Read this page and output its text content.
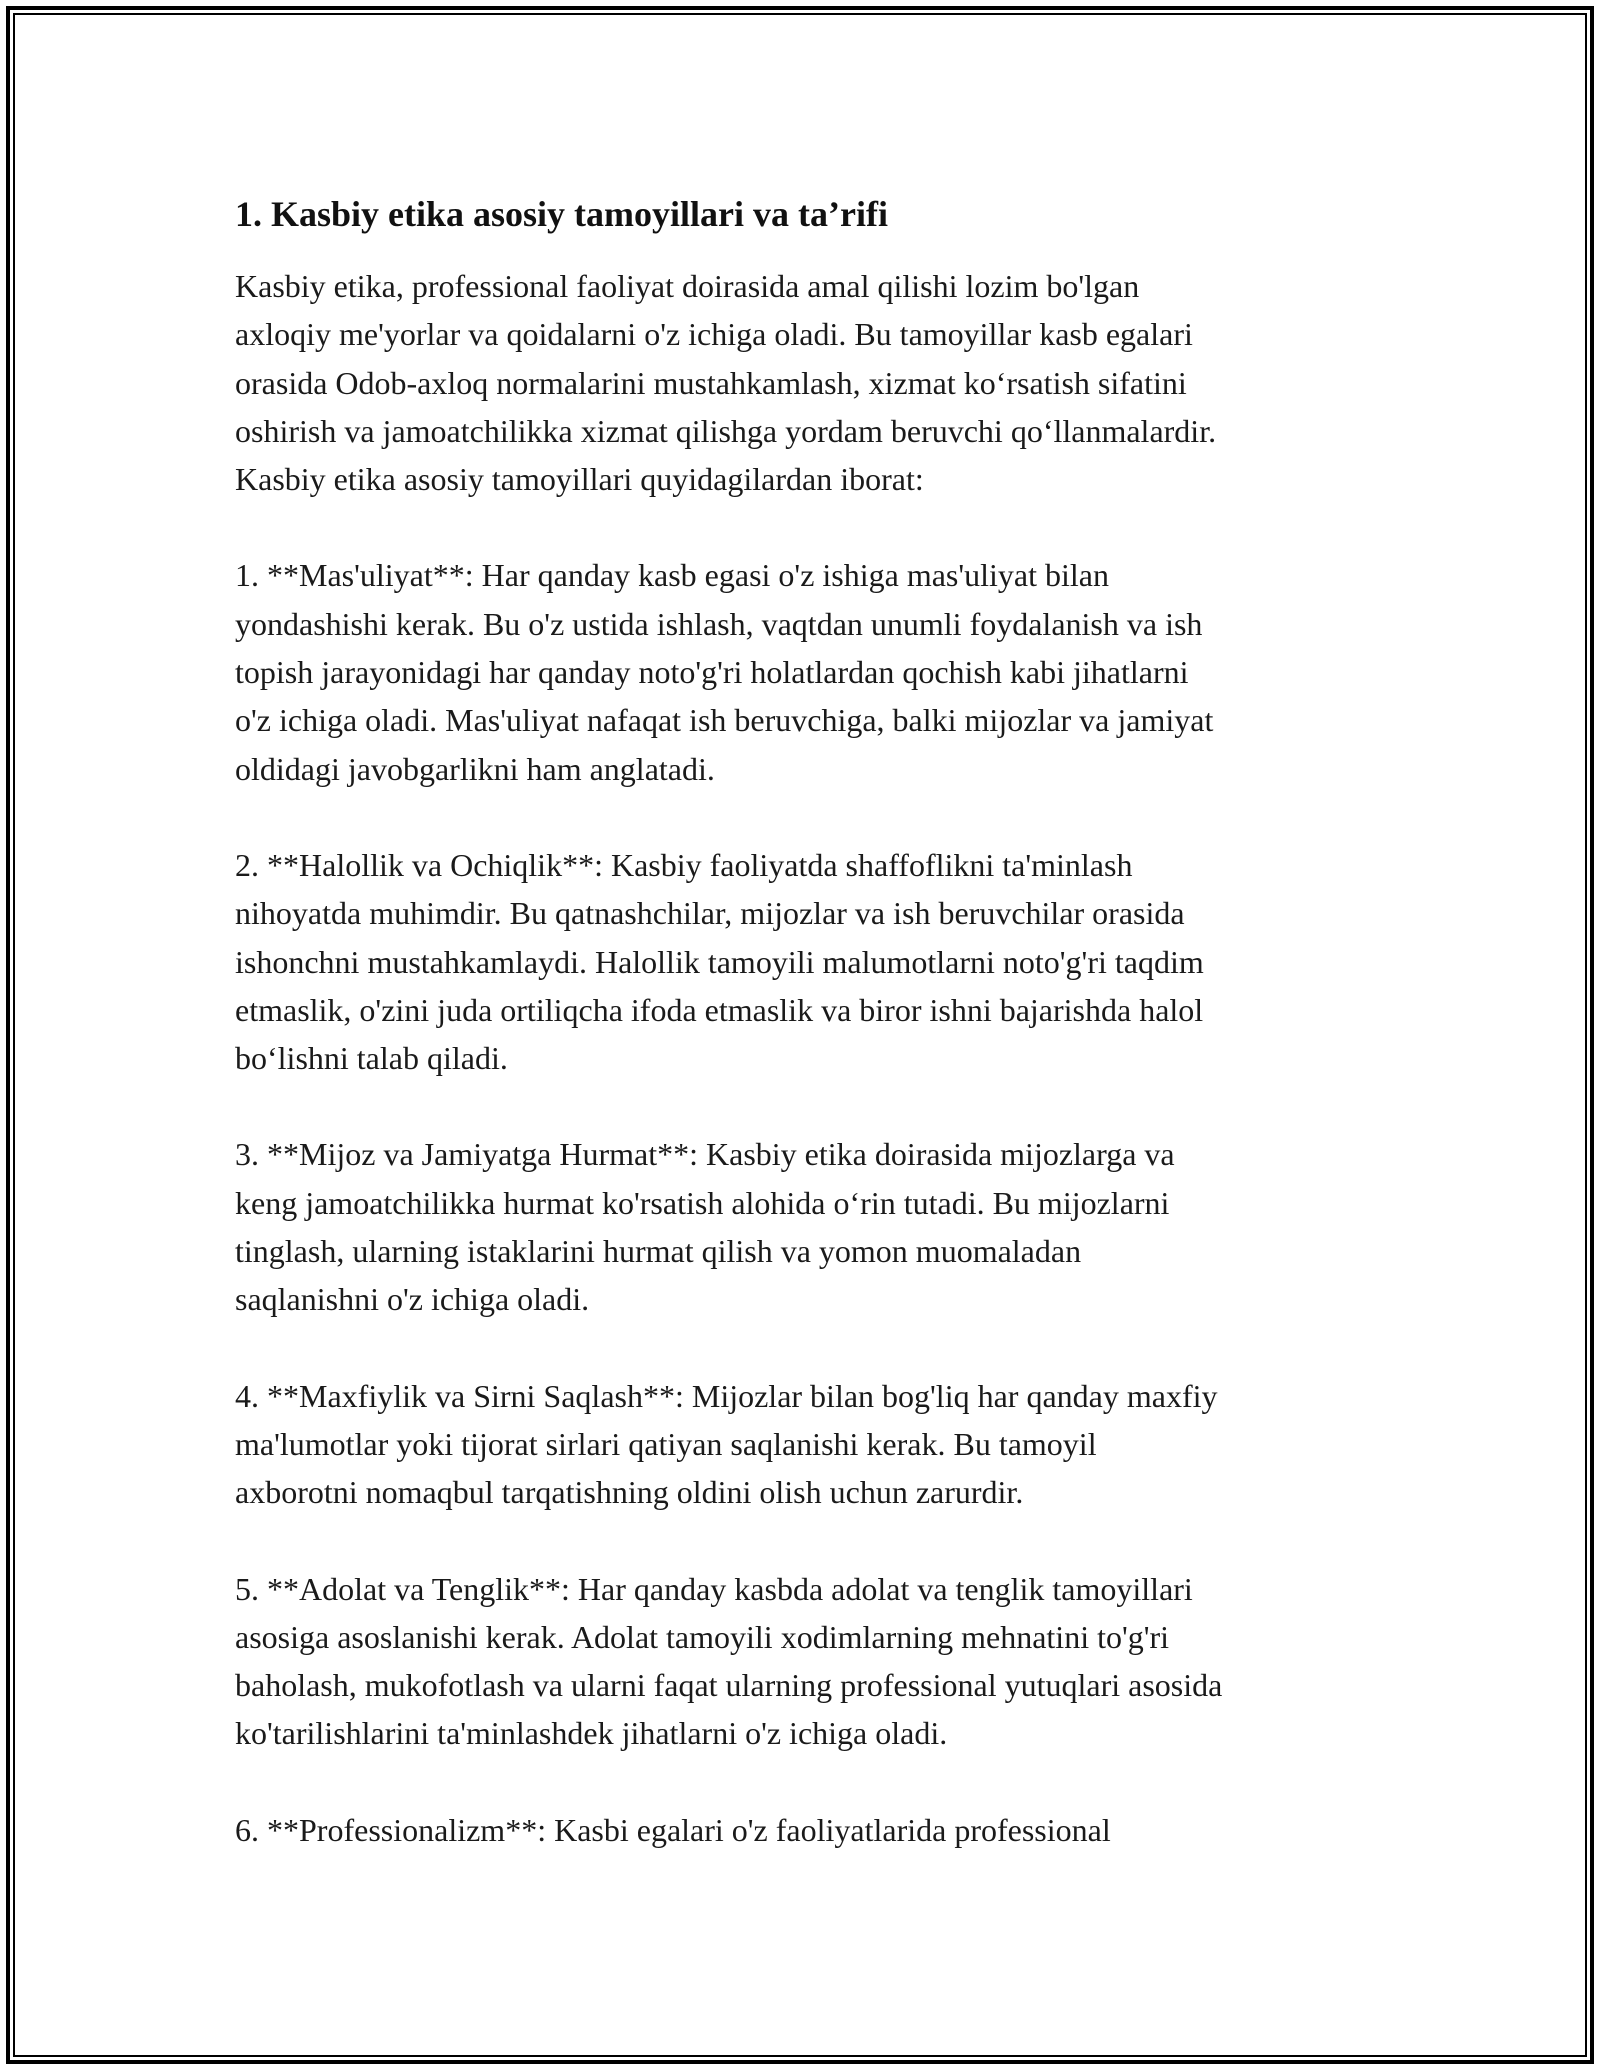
1. Kasbiy etika asosiy tamoyillari va ta’rifi

Kasbiy etika, professional faoliyat doirasida amal qilishi lozim bo'lgan
axloqiy me'yorlar va qoidalarni o'z ichiga oladi. Bu tamoyillar kasb egalari
orasida Odob-axloq normalarini mustahkamlash, xizmat ko‘rsatish sifatini
oshirish va jamoatchilikka xizmat qilishga yordam beruvchi qo‘llanmalardir.
Kasbiy etika asosiy tamoyillari quyidagilardan iborat:

1. **Mas'uliyat**: Har qanday kasb egasi o'z ishiga mas'uliyat bilan
yondashishi kerak. Bu o'z ustida ishlash, vaqtdan unumli foydalanish va ish
topish jarayonidagi har qanday noto'g'ri holatlardan qochish kabi jihatlarni
o'z ichiga oladi. Mas'uliyat nafaqat ish beruvchiga, balki mijozlar va jamiyat
oldidagi javobgarlikni ham anglatadi.

2. **Halollik va Ochiqlik**: Kasbiy faoliyatda shaffoflikni ta'minlash
nihoyatda muhimdir. Bu qatnashchilar, mijozlar va ish beruvchilar orasida
ishonchni mustahkamlaydi. Halollik tamoyili malumotlarni noto'g'ri taqdim
etmaslik, o'zini juda ortiliqcha ifoda etmaslik va biror ishni bajarishda halol
bo‘lishni talab qiladi.

3. **Mijoz va Jamiyatga Hurmat**: Kasbiy etika doirasida mijozlarga va
keng jamoatchilikka hurmat ko'rsatish alohida o‘rin tutadi. Bu mijozlarni
tinglash, ularning istaklarini hurmat qilish va yomon muomaladan
saqlanishni o'z ichiga oladi.

4. **Maxfiylik va Sirni Saqlash**: Mijozlar bilan bog'liq har qanday maxfiy
ma'lumotlar yoki tijorat sirlari qatiyan saqlanishi kerak. Bu tamoyil
axborotni nomaqbul tarqatishning oldini olish uchun zarurdir.

5. **Adolat va Tenglik**: Har qanday kasbda adolat va tenglik tamoyillari
asosiga asoslanishi kerak. Adolat tamoyili xodimlarning mehnatini to'g'ri
baholash, mukofotlash va ularni faqat ularning professional yutuqlari asosida
ko'tarilishlarini ta'minlashdek jihatlarni o'z ichiga oladi.

6. **Professionalizm**: Kasbi egalari o'z faoliyatlarida professional
